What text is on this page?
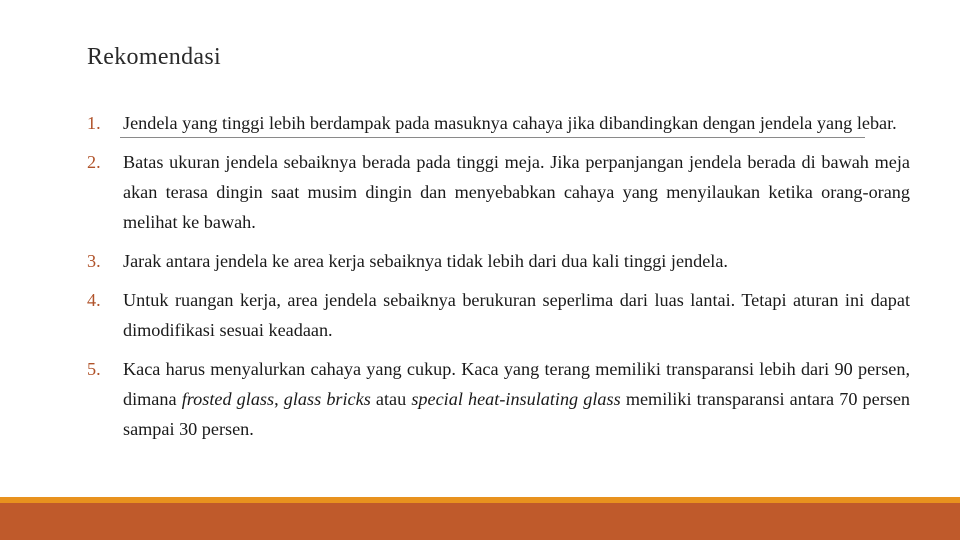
Rekomendasi
1. Jendela yang tinggi lebih berdampak pada masuknya cahaya jika dibandingkan dengan jendela yang lebar.
2. Batas ukuran jendela sebaiknya berada pada tinggi meja. Jika perpanjangan jendela berada di bawah meja akan terasa dingin saat musim dingin dan menyebabkan cahaya yang menyilaukan ketika orang-orang melihat ke bawah.
3. Jarak antara jendela ke area kerja sebaiknya tidak lebih dari dua kali tinggi jendela.
4. Untuk ruangan kerja, area jendela sebaiknya berukuran seperlima dari luas lantai. Tetapi aturan ini dapat dimodifikasi sesuai keadaan.
5. Kaca harus menyalurkan cahaya yang cukup. Kaca yang terang memiliki transparansi lebih dari 90 persen, dimana frosted glass, glass bricks atau special heat-insulating glass memiliki transparansi antara 70 persen sampai 30 persen.
